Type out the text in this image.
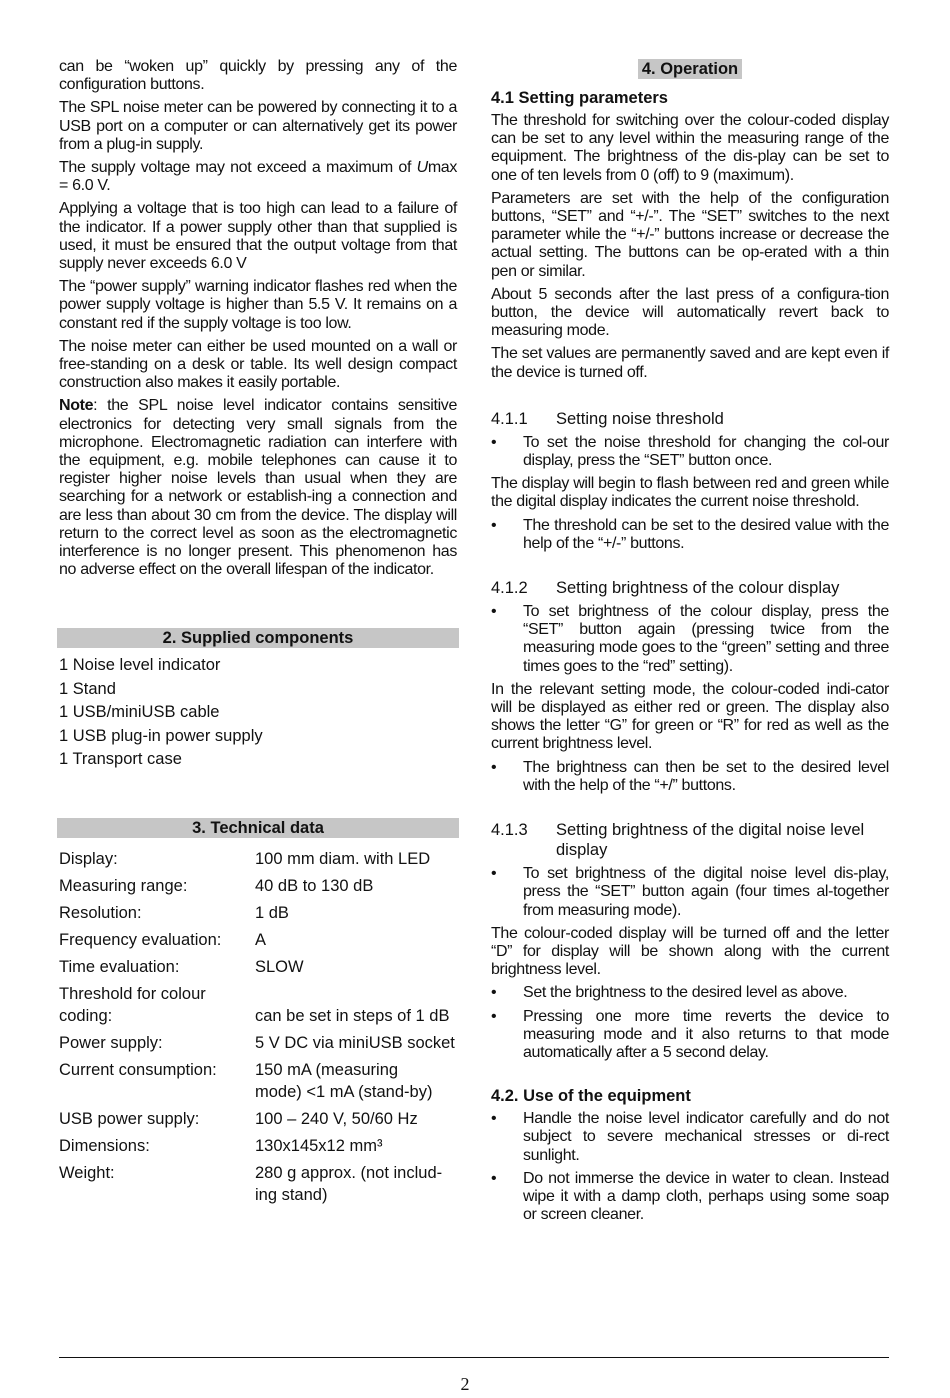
can be “woken up” quickly by pressing any of the configuration buttons.

The SPL noise meter can be powered by connecting it to a USB port on a computer or can alternatively get its power from a plug-in supply.

The supply voltage may not exceed a maximum of Umax = 6.0 V.

Applying a voltage that is too high can lead to a failure of the indicator. If a power supply other than that supplied is used, it must be ensured that the output voltage from that supply never exceeds 6.0 V

The “power supply” warning indicator flashes red when the power supply voltage is higher than 5.5 V. It remains on a constant red if the supply voltage is too low.

The noise meter can either be used mounted on a wall or free-standing on a desk or table. Its well design compact construction also makes it easily portable.

Note: the SPL noise level indicator contains sensitive electronics for detecting very small signals from the microphone. Electromagnetic radiation can interfere with the equipment, e.g. mobile telephones can cause it to register higher noise levels than usual when they are searching for a network or establish-ing a connection and are less than about 30 cm from the device. The display will return to the correct level as soon as the electromagnetic interference is no longer present. This phenomenon has no adverse effect on the overall lifespan of the indicator.

2. Supplied components
1 Noise level indicator
1 Stand
1 USB/miniUSB cable
1 USB plug-in power supply
1 Transport case
3. Technical data
Display:	100 mm diam. with LED
Measuring range:	40 dB to 130 dB
Resolution:	1 dB
Frequency evaluation:	A
Time evaluation:	SLOW
Threshold for colour coding:	can be set in steps of 1 dB
Power supply:	5 V DC via miniUSB socket
Current consumption:	150 mA (measuring mode) <1 mA (stand-by)
USB power supply:	100 – 240 V, 50/60 Hz
Dimensions:	130x145x12 mm³
Weight:	280 g approx. (not includ-ing stand)
4. Operation
4.1 Setting parameters

The threshold for switching over the colour-coded display can be set to any level within the measuring range of the equipment. The brightness of the dis-play can be set to one of ten levels from 0 (off) to 9 (maximum).

Parameters are set with the help of the configuration buttons, “SET” and “+/-”. The “SET” switches to the next parameter while the “+/-” buttons increase or decrease the actual setting. The buttons can be op-erated with a thin pen or similar.

About 5 seconds after the last press of a configura-tion button, the device will automatically revert back to measuring mode.

The set values are permanently saved and are kept even if the device is turned off.

4.1.1	Setting noise threshold
•	To set the noise threshold for changing the col-our display, press the “SET” button once.

The display will begin to flash between red and green while the digital display indicates the current noise threshold.

•	The threshold can be set to the desired value with the help of the “+/-” buttons.
4.1.2	Setting brightness of the colour display
•	To set brightness of the colour display, press the “SET” button again (pressing twice from the measuring mode goes to the “green” setting and three times goes to the “red” setting).

In the relevant setting mode, the colour-coded indi-cator will be displayed as either red or green. The display also shows the letter “G” for green or “R” for red as well as the current brightness level.

•	The brightness can then be set to the desired level with the help of the “+/” buttons.
4.1.3	Setting brightness of the digital noise level display
•	To set brightness of the digital noise level dis-play, press the “SET” button again (four times al-together from measuring mode).

The colour-coded display will be turned off and the letter “D” for display will be shown along with the current brightness level.

•	Set the brightness to the desired level as above.
•	Pressing one more time reverts the device to measuring mode and it also returns to that mode automatically after a 5 second delay.
4.2. Use of the equipment
•	Handle the noise level indicator carefully and do not subject to severe mechanical stresses or di-rect sunlight.
•	Do not immerse the device in water to clean. Instead wipe it with a damp cloth, perhaps using some soap or screen cleaner.
2
